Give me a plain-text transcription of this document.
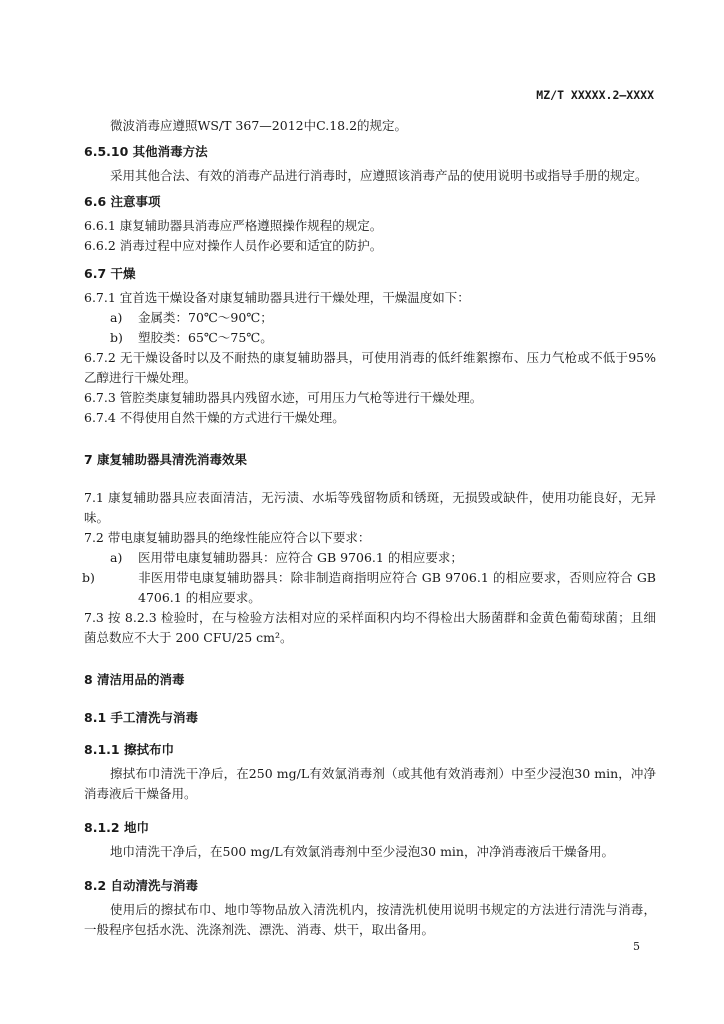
MZ/T XXXXX.2—XXXX

微波消毒应遵照WS/T 367—2012中C.18.2的规定。

6.5.10 其他消毒方法

采用其他合法、有效的消毒产品进行消毒时，应遵照该消毒产品的使用说明书或指导手册的规定。

6.6 注意事项
6.6.1 康复辅助器具消毒应严格遵照操作规程的规定。
6.6.2 消毒过程中应对操作人员作必要和适宜的防护。
6.7 干燥
6.7.1 宜首选干燥设备对康复辅助器具进行干燥处理，干燥温度如下：
a) 金属类：70℃～90℃；
b) 塑胶类：65℃～75℃。
6.7.2 无干燥设备时以及不耐热的康复辅助器具，可使用消毒的低纤维絮擦布、压力气枪或不低于95%乙醇进行干燥处理。
6.7.3 管腔类康复辅助器具内残留水迹，可用压力气枪等进行干燥处理。
6.7.4 不得使用自然干燥的方式进行干燥处理。
7 康复辅助器具清洗消毒效果
7.1 康复辅助器具应表面清洁，无污渍、水垢等残留物质和锈斑，无损毁或缺件，使用功能良好，无异味。
7.2 带电康复辅助器具的绝缘性能应符合以下要求：
a) 医用带电康复辅助器具：应符合 GB 9706.1 的相应要求；
b)	非医用带电康复辅助器具：除非制造商指明应符合 GB 9706.1 的相应要求，否则应符合 GB 4706.1 的相应要求。
7.3 按 8.2.3 检验时，在与检验方法相对应的采样面积内均不得检出大肠菌群和金黄色葡萄球菌；且细菌总数应不大于 200 CFU/25 cm²。
8 清洁用品的消毒
8.1 手工清洗与消毒
8.1.1 擦拭布巾

擦拭布巾清洗干净后，在250 mg/L有效氯消毒剂（或其他有效消毒剂）中至少浸泡30 min，冲净消毒液后干燥备用。

8.1.2 地巾

地巾清洗干净后，在500 mg/L有效氯消毒剂中至少浸泡30 min，冲净消毒液后干燥备用。

8.2 自动清洗与消毒

使用后的擦拭布巾、地巾等物品放入清洗机内，按清洗机使用说明书规定的方法进行清洗与消毒，一般程序包括水洗、洗涤剂洗、漂洗、消毒、烘干，取出备用。

5
